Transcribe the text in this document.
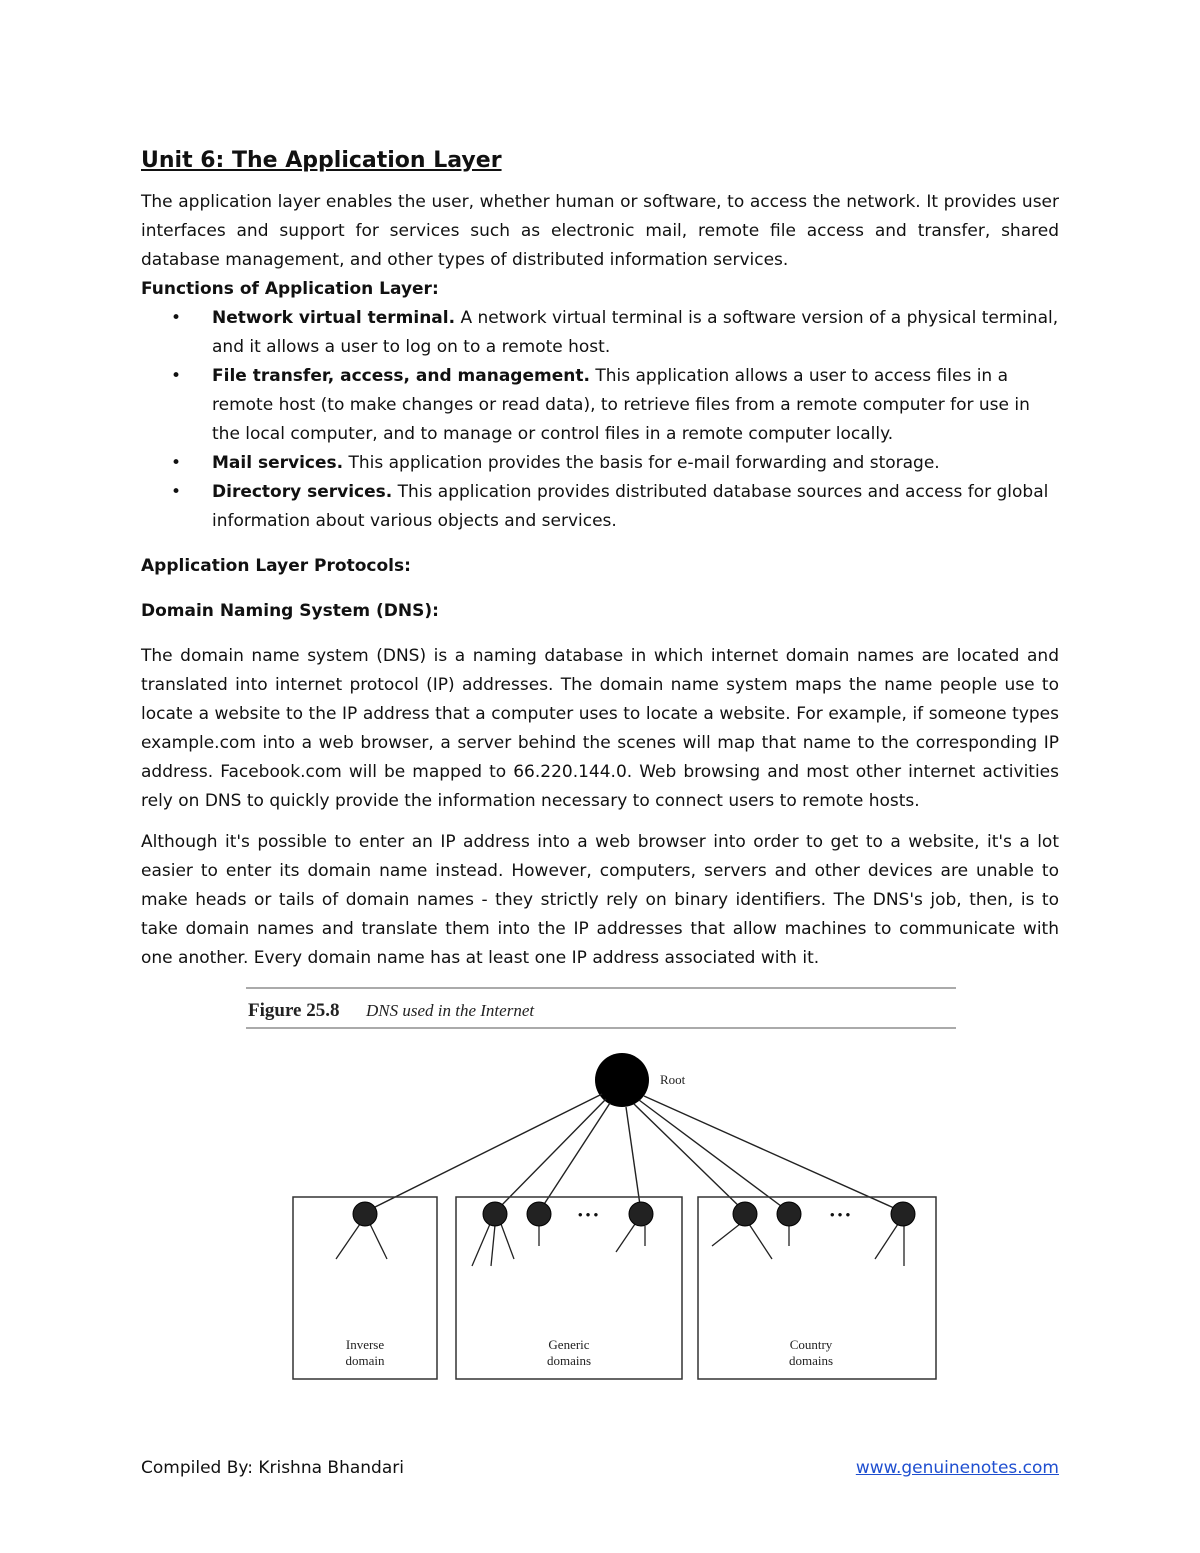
Unit 6: The Application Layer

The application layer enables the user, whether human or software, to access the network. It provides user interfaces and support for services such as electronic mail, remote file access and transfer, shared database management, and other types of distributed information services.

Functions of Application Layer:
• Network virtual terminal. A network virtual terminal is a software version of a physical terminal, and it allows a user to log on to a remote host.
• File transfer, access, and management. This application allows a user to access files in a remote host (to make changes or read data), to retrieve files from a remote computer for use in the local computer, and to manage or control files in a remote computer locally.
• Mail services. This application provides the basis for e-mail forwarding and storage.
• Directory services. This application provides distributed database sources and access for global information about various objects and services.
Application Layer Protocols:
Domain Naming System (DNS):

The domain name system (DNS) is a naming database in which internet domain names are located and translated into internet protocol (IP) addresses. The domain name system maps the name people use to locate a website to the IP address that a computer uses to locate a website. For example, if someone types example.com into a web browser, a server behind the scenes will map that name to the corresponding IP address. Facebook.com will be mapped to 66.220.144.0. Web browsing and most other internet activities rely on DNS to quickly provide the information necessary to connect users to remote hosts.

Although it's possible to enter an IP address into a web browser into order to get to a website, it's a lot easier to enter its domain name instead. However, computers, servers and other devices are unable to make heads or tails of domain names - they strictly rely on binary identifiers. The DNS's job, then, is to take domain names and translate them into the IP addresses that allow machines to communicate with one another. Every domain name has at least one IP address associated with it.

Figure 25.8 DNS used in the Internet
Root
• • •	• • •
Inverse
domain
Generic
domains
Country
domains
Compiled By: Krishna Bhandari	www.genuinenotes.com
